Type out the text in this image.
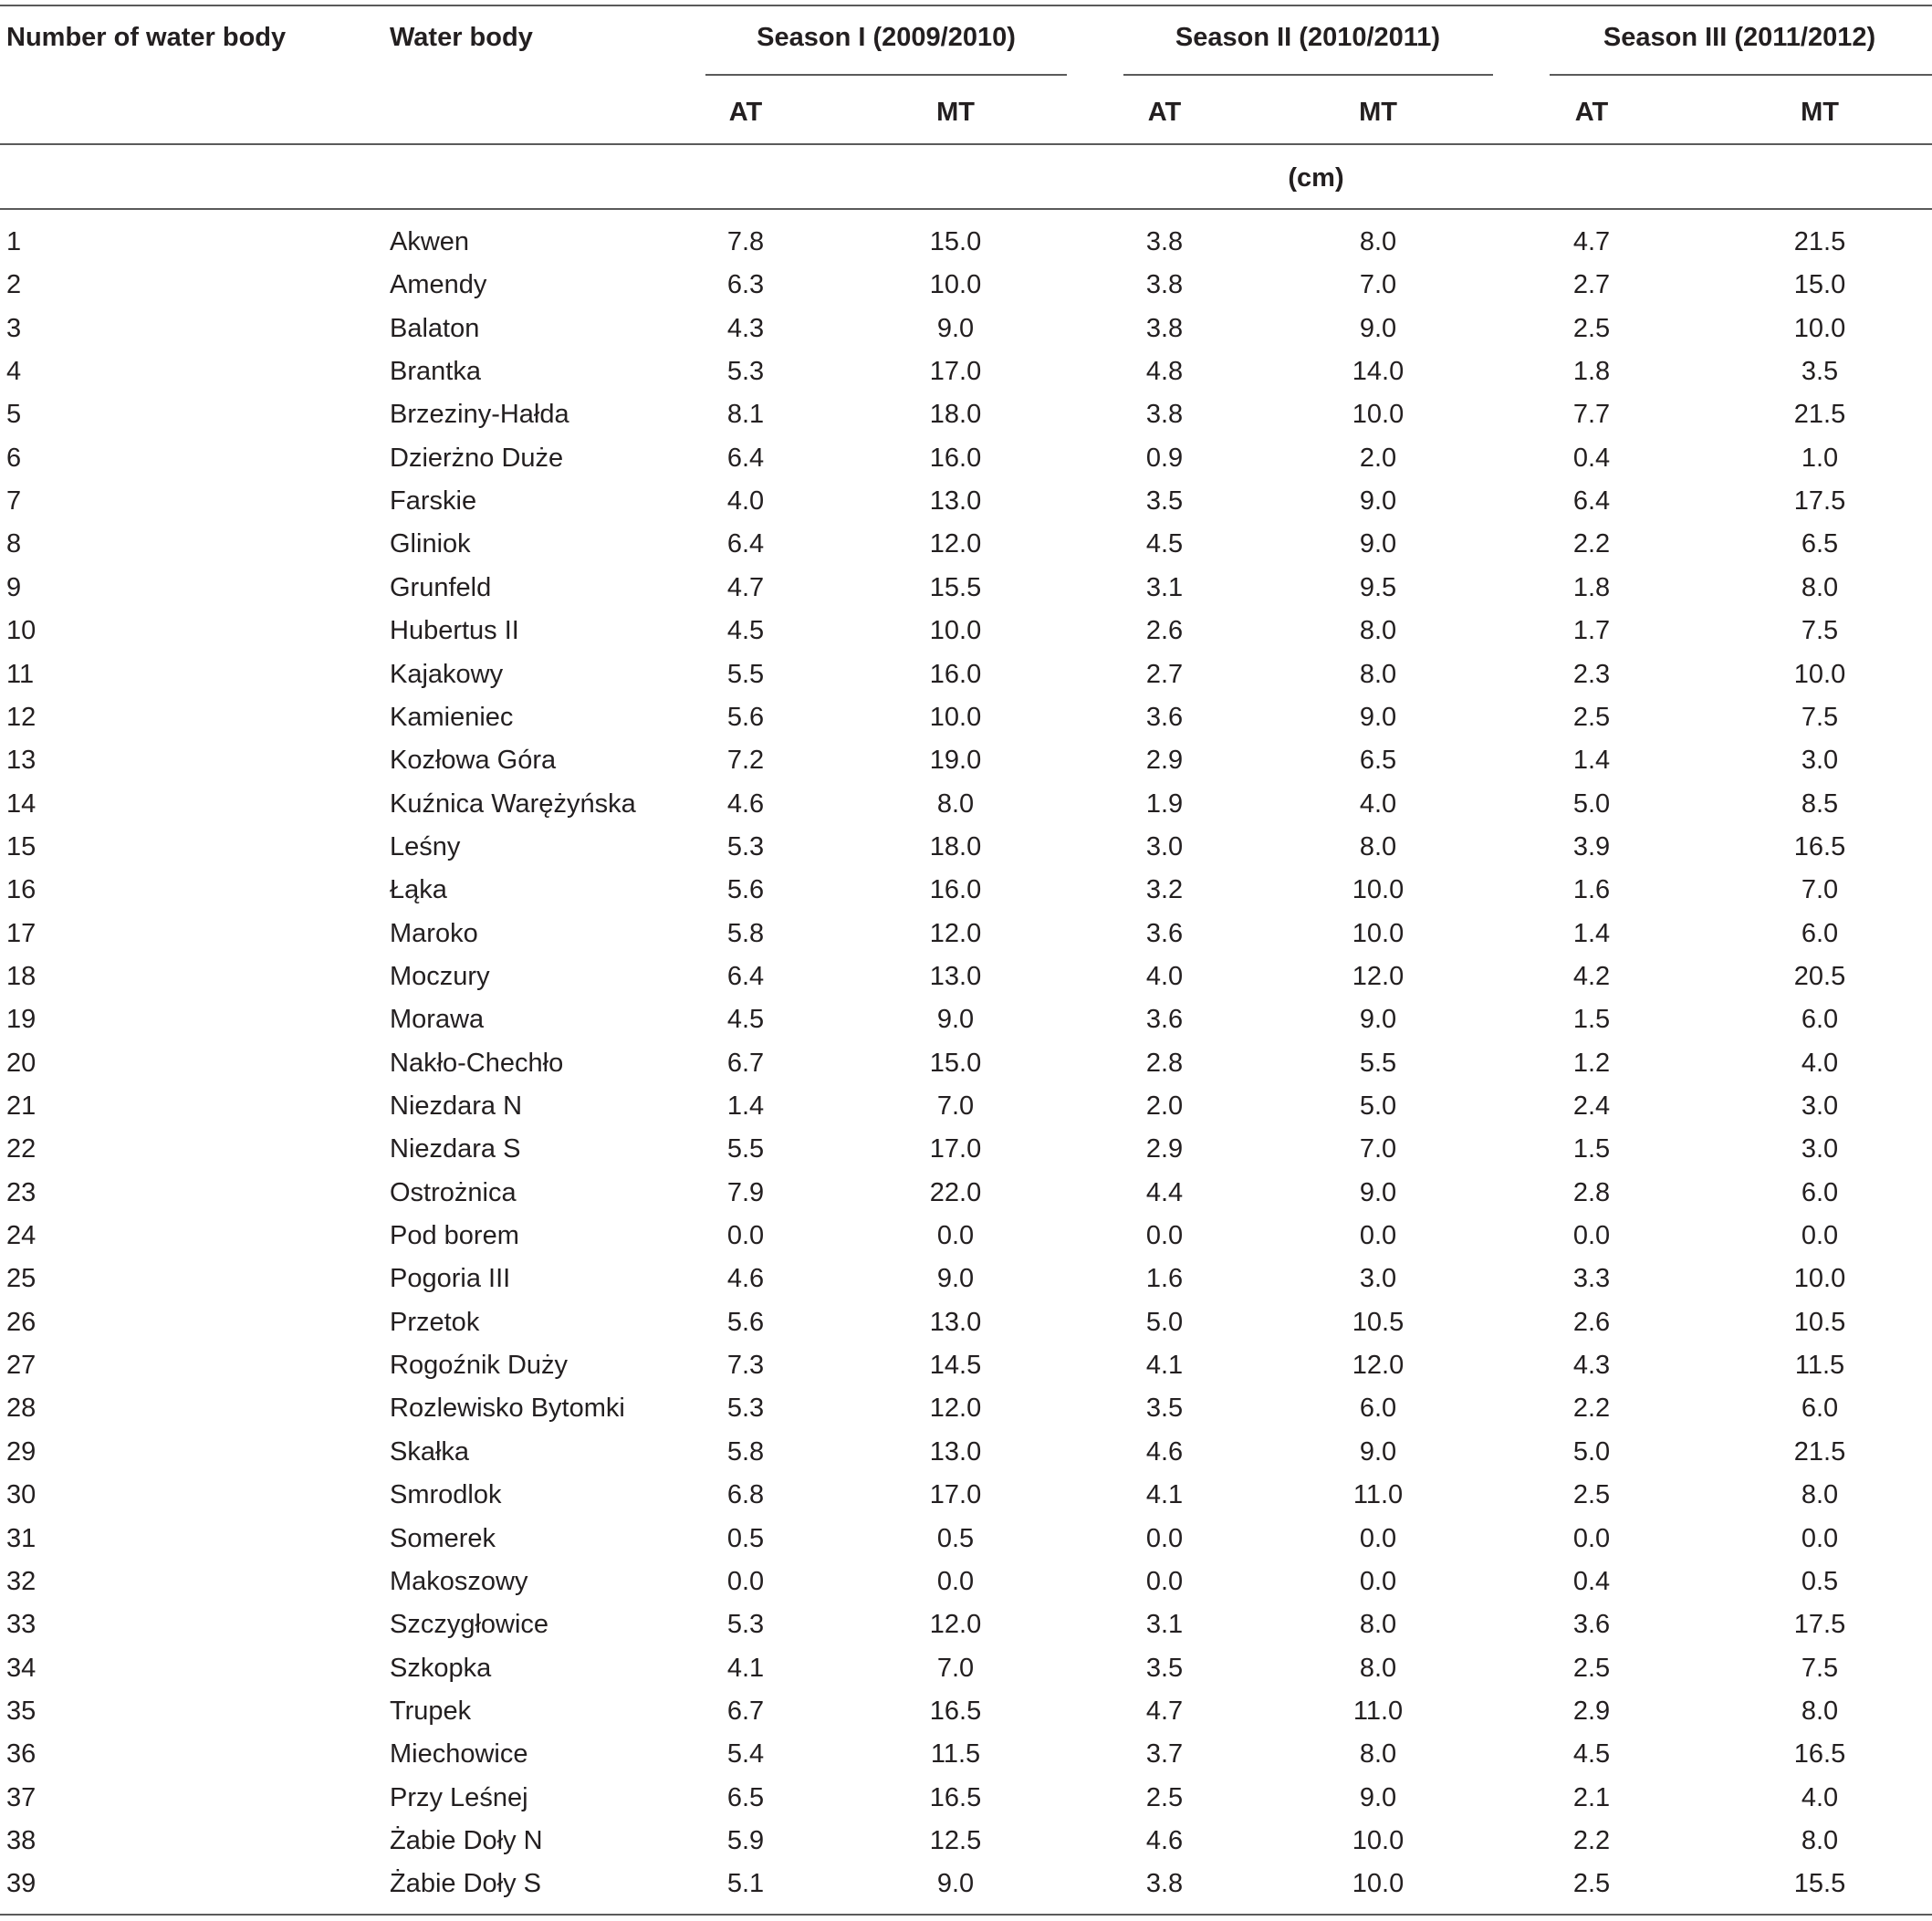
Number of water body	Water body	Season I (2009/2010)	Season II (2010/2011)	Season III (2011/2012)
AT	MT	AT	MT	AT	MT
(cm)
1	Akwen	7.8	15.0	3.8	8.0	4.7	21.5
2	Amendy	6.3	10.0	3.8	7.0	2.7	15.0
3	Balaton	4.3	9.0	3.8	9.0	2.5	10.0
4	Brantka	5.3	17.0	4.8	14.0	1.8	3.5
5	Brzeziny-Hałda	8.1	18.0	3.8	10.0	7.7	21.5
6	Dzierżno Duże	6.4	16.0	0.9	2.0	0.4	1.0
7	Farskie	4.0	13.0	3.5	9.0	6.4	17.5
8	Gliniok	6.4	12.0	4.5	9.0	2.2	6.5
9	Grunfeld	4.7	15.5	3.1	9.5	1.8	8.0
10	Hubertus II	4.5	10.0	2.6	8.0	1.7	7.5
11	Kajakowy	5.5	16.0	2.7	8.0	2.3	10.0
12	Kamieniec	5.6	10.0	3.6	9.0	2.5	7.5
13	Kozłowa Góra	7.2	19.0	2.9	6.5	1.4	3.0
14	Kuźnica Warężyńska	4.6	8.0	1.9	4.0	5.0	8.5
15	Leśny	5.3	18.0	3.0	8.0	3.9	16.5
16	Łąka	5.6	16.0	3.2	10.0	1.6	7.0
17	Maroko	5.8	12.0	3.6	10.0	1.4	6.0
18	Moczury	6.4	13.0	4.0	12.0	4.2	20.5
19	Morawa	4.5	9.0	3.6	9.0	1.5	6.0
20	Nakło-Chechło	6.7	15.0	2.8	5.5	1.2	4.0
21	Niezdara N	1.4	7.0	2.0	5.0	2.4	3.0
22	Niezdara S	5.5	17.0	2.9	7.0	1.5	3.0
23	Ostrożnica	7.9	22.0	4.4	9.0	2.8	6.0
24	Pod borem	0.0	0.0	0.0	0.0	0.0	0.0
25	Pogoria III	4.6	9.0	1.6	3.0	3.3	10.0
26	Przetok	5.6	13.0	5.0	10.5	2.6	10.5
27	Rogoźnik Duży	7.3	14.5	4.1	12.0	4.3	11.5
28	Rozlewisko Bytomki	5.3	12.0	3.5	6.0	2.2	6.0
29	Skałka	5.8	13.0	4.6	9.0	5.0	21.5
30	Smrodlok	6.8	17.0	4.1	11.0	2.5	8.0
31	Somerek	0.5	0.5	0.0	0.0	0.0	0.0
32	Makoszowy	0.0	0.0	0.0	0.0	0.4	0.5
33	Szczygłowice	5.3	12.0	3.1	8.0	3.6	17.5
34	Szkopka	4.1	7.0	3.5	8.0	2.5	7.5
35	Trupek	6.7	16.5	4.7	11.0	2.9	8.0
36	Miechowice	5.4	11.5	3.7	8.0	4.5	16.5
37	Przy Leśnej	6.5	16.5	2.5	9.0	2.1	4.0
38	Żabie Doły N	5.9	12.5	4.6	10.0	2.2	8.0
39	Żabie Doły S	5.1	9.0	3.8	10.0	2.5	15.5
